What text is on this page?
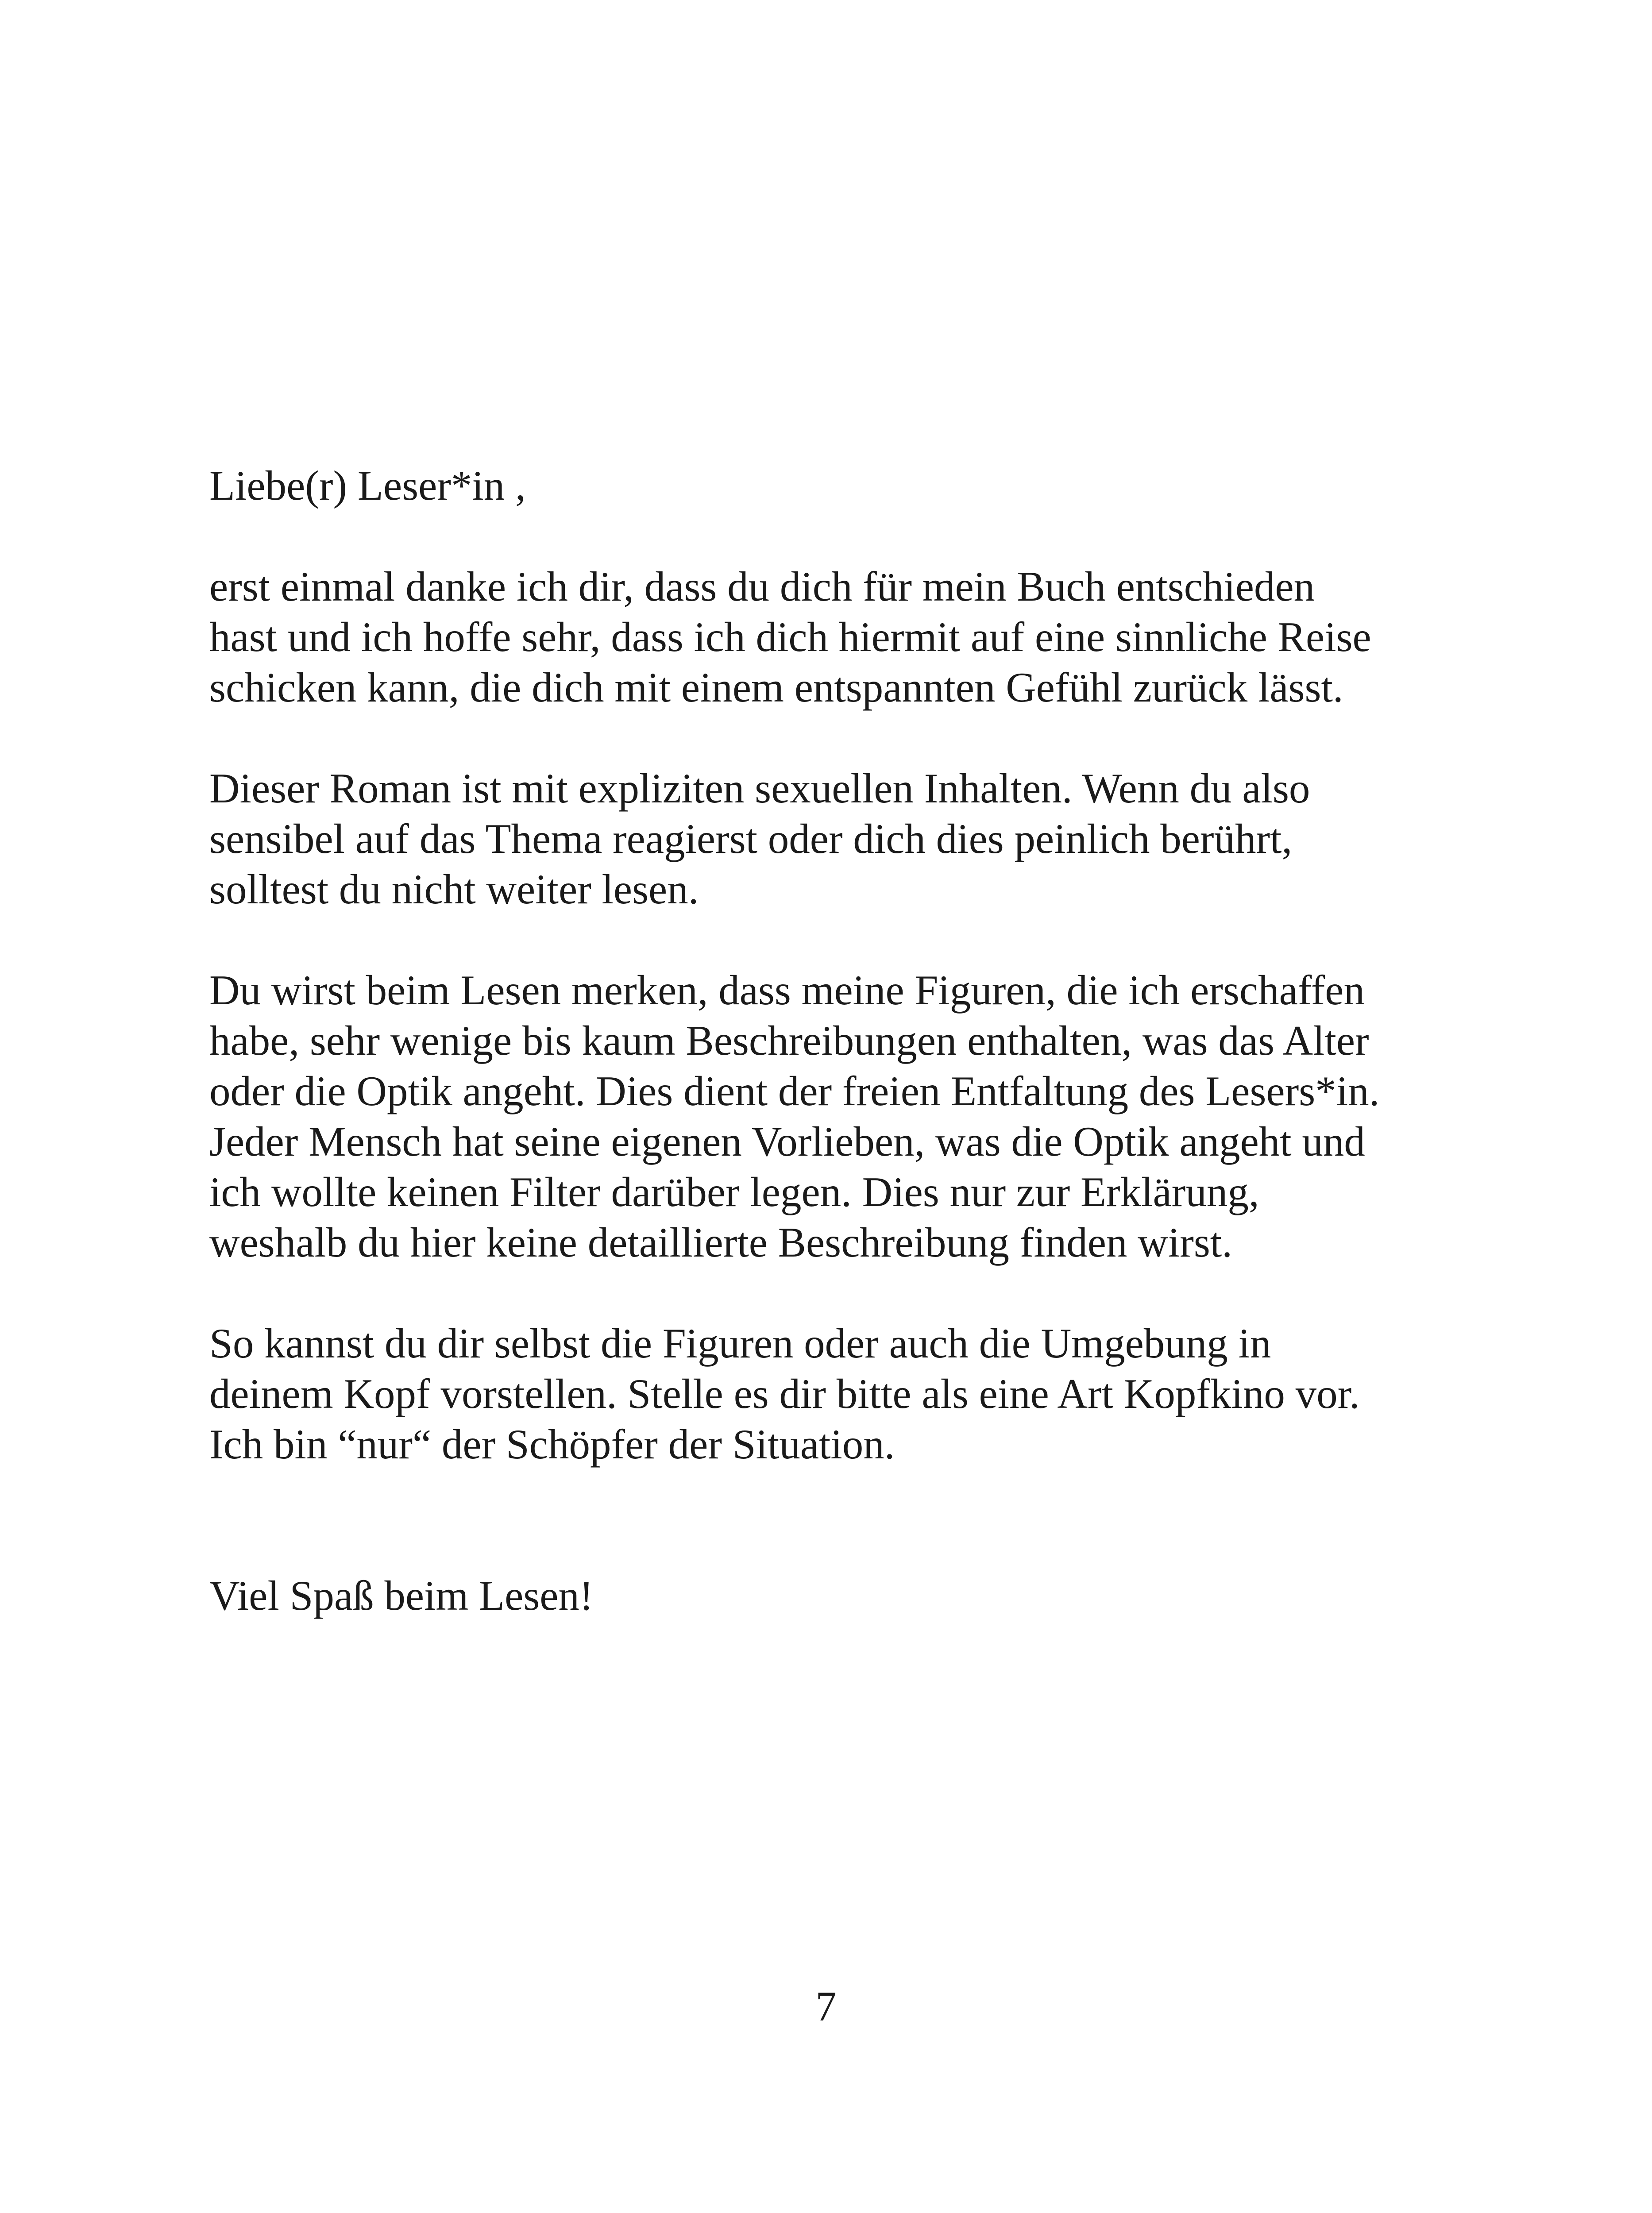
Liebe(r) Leser*in ,
erst einmal danke ich dir, dass du dich für mein Buch entschieden
hast und ich hoffe sehr, dass ich dich hiermit auf eine sinnliche Reise
schicken kann, die dich mit einem entspannten Gefühl zurück lässt.
Dieser Roman ist mit expliziten sexuellen Inhalten. Wenn du also
sensibel auf das Thema reagierst oder dich dies peinlich berührt,
solltest du nicht weiter lesen.
Du wirst beim Lesen merken, dass meine Figuren, die ich erschaffen
habe, sehr wenige bis kaum Beschreibungen enthalten, was das Alter
oder die Optik angeht. Dies dient der freien Entfaltung des Lesers*in.
Jeder Mensch hat seine eigenen Vorlieben, was die Optik angeht und
ich wollte keinen Filter darüber legen. Dies nur zur Erklärung,
weshalb du hier keine detaillierte Beschreibung finden wirst.
So kannst du dir selbst die Figuren oder auch die Umgebung in
deinem Kopf vorstellen. Stelle es dir bitte als eine Art Kopfkino vor.
Ich bin “nur“ der Schöpfer der Situation.
Viel Spaß beim Lesen!
7
